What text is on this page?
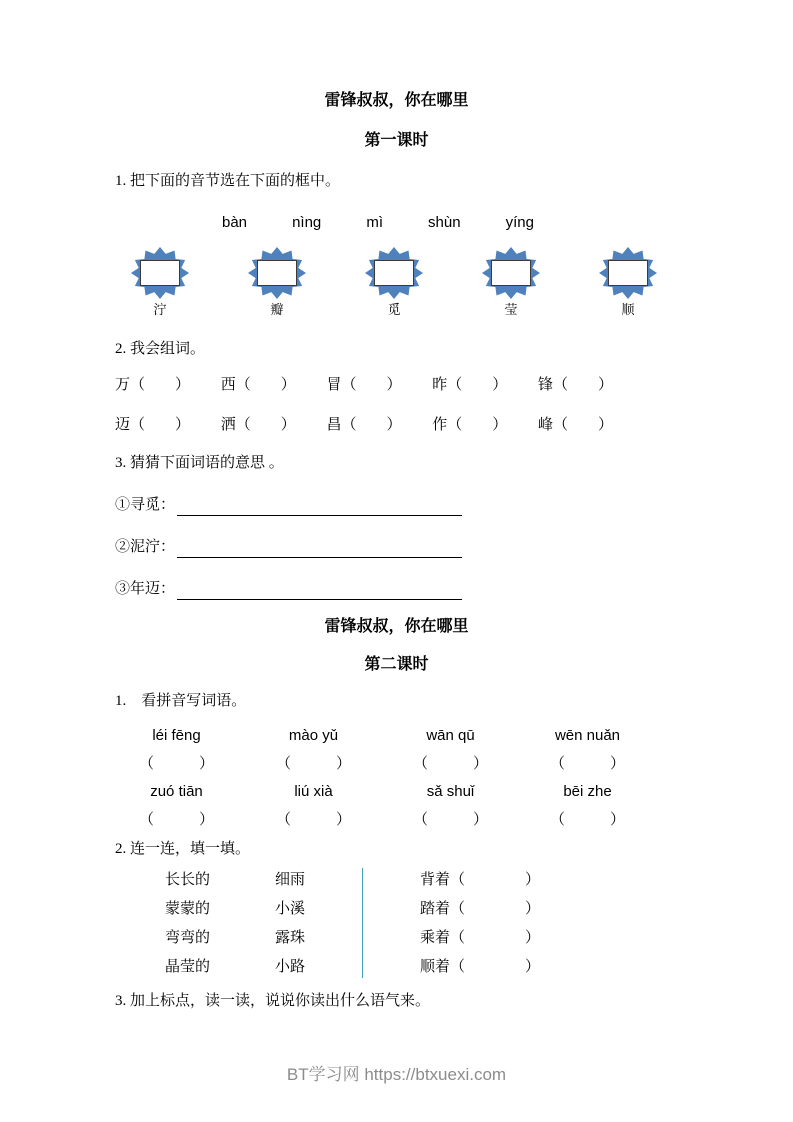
雷锋叔叔，你在哪里
第一课时
1. 把下面的音节选在下面的框中。
bàn	nìng	mì	shùn	yíng
泞	瓣	觅	莹	顺
2. 我会组词。
万（　　） 西（　　） 冒（　　） 昨（　　） 锋（　　）
迈（　　） 洒（　　） 昌（　　） 作（　　） 峰（　　）
3. 猜猜下面词语的意思 。
①寻觅：
②泥泞：
③年迈：
雷锋叔叔，你在哪里
第二课时
1.　看拼音写词语。
léi fēng	mào yǔ	wān qū	wēn nuǎn
（　　　）	（　　　）	（　　　）	（　　　）
zuó tiān	liú xià	sǎ shuǐ	bēi zhe
（　　　）	（　　　）	（　　　）	（　　　）
2. 连一连，填一填。
长长的	细雨	背着（　　　　）
蒙蒙的	小溪	踏着（　　　　）
弯弯的	露珠	乘着（　　　　）
晶莹的	小路	顺着（　　　　）
3. 加上标点，读一读，说说你读出什么语气来。
BT学习网 https://btxuexi.com
